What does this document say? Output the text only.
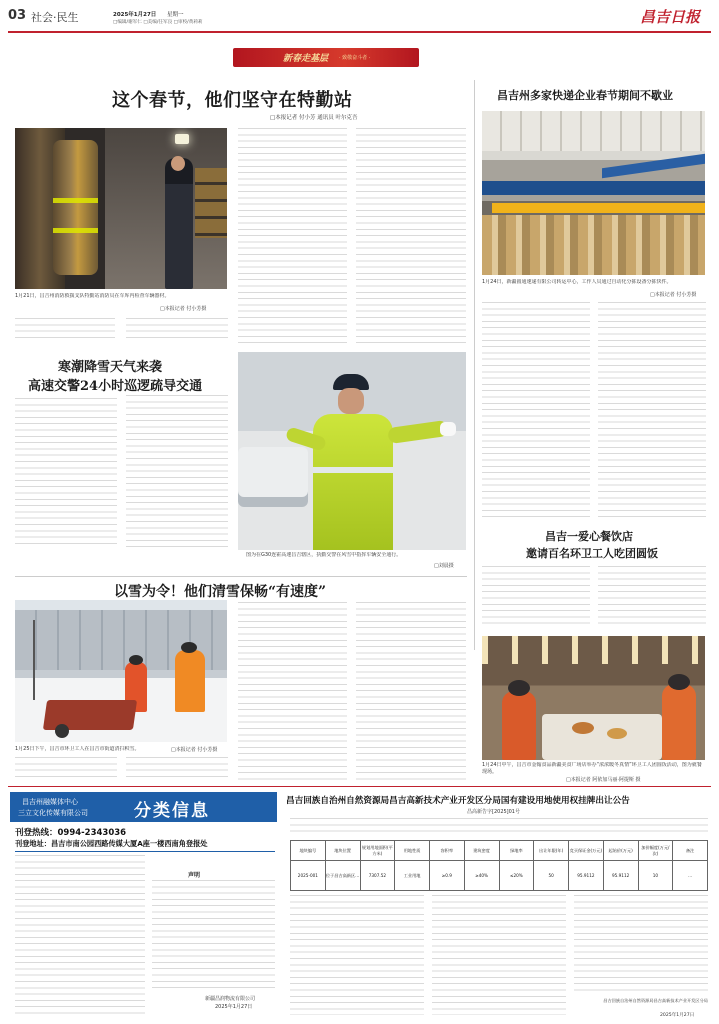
03 社会·民生	2025年1月27日 星期一
□编辑/谢军仁 □美编/任军良 □审校/黄莉莉	昌吉日报
新春走基层 · 致敬奋斗者 ·
这个春节，他们坚守在特勤站
□本报记者 付小芳 通讯员 叶尔克吾
1月21日，昌吉州消防救援支队特勤站消防员在车库内检查车辆器材。
□本报记者 付小芳摄
昌吉州多家快递企业春节期间不歇业
1月24日，新疆圆通速递有限公司转运中心，工作人员通过自动化分拣设备分拣快件。
□本报记者 付小芳摄
寒潮降雪天气来袭
高速交警24小时巡逻疏导交通
图为在G30连霍高速昌吉辖区，执勤交警在风雪中指挥车辆安全通行。
□刘晨摄
以雪为令！他们清雪保畅“有速度”
1月25日下午，昌吉市环卫工人在昌吉市街道清扫积雪。	□本报记者 付小芳摄
昌吉一爱心餐饮店
邀请百名环卫工人吃团圆饭
1月24日中午，昌吉市金翰食品新疆美食广场店举办“浓浓暖冬真情”环卫工人团圆饭活动，图为就餐现场。
□本报记者 阿依加马丽·阿提斯 摄
昌吉州融媒体中心
三立文化传媒有限公司	分类信息
刊登热线：0994-2343036
刊登地址：昌吉市南公园西路传媒大厦A座一楼西南角登报处
声明
新疆昌润物流有限公司
2025年1月27日
昌吉回族自治州自然资源局昌吉高新技术产业开发区分局国有建设用地使用权挂牌出让公告
昌高新告字[2025]01号
地块编号	地块位置	规划用地面积(平方米)	用地性质	容积率	建筑密度	绿地率	出让年限(年)	竞买保证金(万元)	起始价(万元)	加价幅度(万元/次)	备注
2025-001	位于昌吉高新区…	7307.52	工业用地	≥0.9	≥40%	≤20%	50	95.9112	95.9112	10	…
昌吉回族自治州自然资源局昌吉高新技术产业开发区分局
2025年1月27日
